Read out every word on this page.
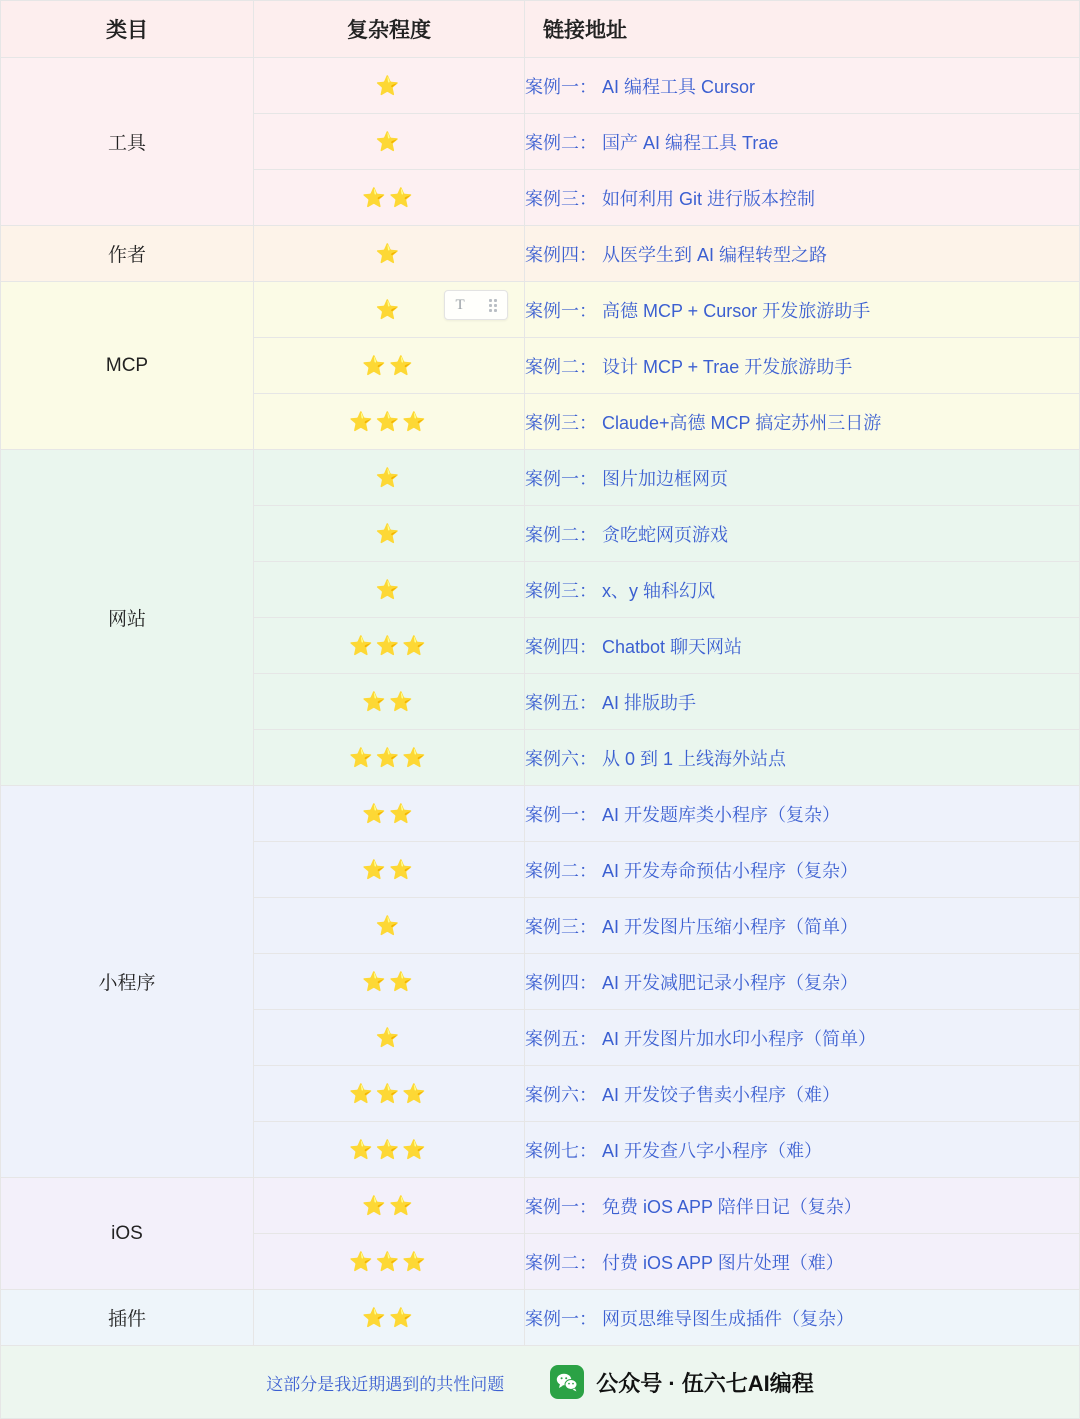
类目	复杂程度	链接地址
工具	⭐	案例一： AI 编程工具 Cursor
	⭐	案例二： 国产 AI 编程工具 Trae
	⭐⭐	案例三： 如何利用 Git 进行版本控制
作者	⭐	案例四： 从医学生到 AI 编程转型之路
MCP	⭐ T	案例一： 高德 MCP + Cursor 开发旅游助手
	⭐⭐	案例二： 设计 MCP + Trae 开发旅游助手
	⭐⭐⭐	案例三： Claude+高德 MCP 搞定苏州三日游
网站	⭐	案例一： 图片加边框网页
	⭐	案例二： 贪吃蛇网页游戏
	⭐	案例三： x、y 轴科幻风
	⭐⭐⭐	案例四： Chatbot 聊天网站
	⭐⭐	案例五： AI 排版助手
	⭐⭐⭐	案例六： 从 0 到 1 上线海外站点
小程序	⭐⭐	案例一： AI 开发题库类小程序（复杂）
	⭐⭐	案例二： AI 开发寿命预估小程序（复杂）
	⭐	案例三： AI 开发图片压缩小程序（简单）
	⭐⭐	案例四： AI 开发减肥记录小程序（复杂）
	⭐	案例五： AI 开发图片加水印小程序（简单）
	⭐⭐⭐	案例六： AI 开发饺子售卖小程序（难）
	⭐⭐⭐	案例七： AI 开发查八字小程序（难）
iOS	⭐⭐	案例一： 免费 iOS APP 陪伴日记（复杂）
	⭐⭐⭐	案例二： 付费 iOS APP 图片处理（难）
插件	⭐⭐	案例一： 网页思维导图生成插件（复杂）

这部分是我近期遇到的共性问题 公众号 · 伍六七AI编程		
